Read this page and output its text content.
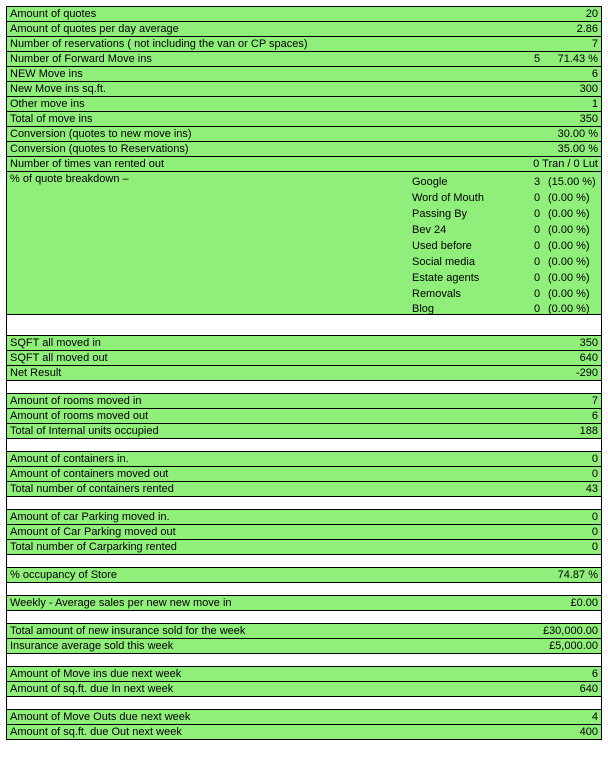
Amount of quotes	20
Amount of quotes per day average	2.86
Number of reservations ( not including the van or CP spaces)	7
Number of Forward Move ins	5 71.43 %
NEW Move ins	6
New Move ins sq.ft.	300
Other move ins	1
Total of move ins	350
Conversion (quotes to new move ins)	30.00 %
Conversion (quotes to Reservations)	35.00 %
Number of times van rented out	0 Tran / 0 Lut
% of quote breakdown –	Google	3 (15.00 %)
Word of Mouth	0 (0.00 %)
Passing By	0 (0.00 %)
Bev 24	0 (0.00 %)
Used before	0 (0.00 %)
Social media	0 (0.00 %)
Estate agents	0 (0.00 %)
Removals	0 (0.00 %)
Blog	0 (0.00 %)
SQFT all moved in	350
SQFT all moved out	640
Net Result	-290
Amount of rooms moved in	7
Amount of rooms moved out	6
Total of Internal units occupied	188
Amount of containers in.	0
Amount of containers moved out	0
Total number of containers rented	43
Amount of car Parking moved in.	0
Amount of Car Parking moved out	0
Total number of Carparking rented	0
% occupancy of Store	74.87 %
Weekly - Average sales per new new move in	£0.00
Total amount of new insurance sold for the week	£30,000.00
Insurance average sold this week	£5,000.00
Amount of Move ins due next week	6
Amount of sq.ft. due In next week	640
Amount of Move Outs due next week	4
Amount of sq.ft. due Out next week	400
